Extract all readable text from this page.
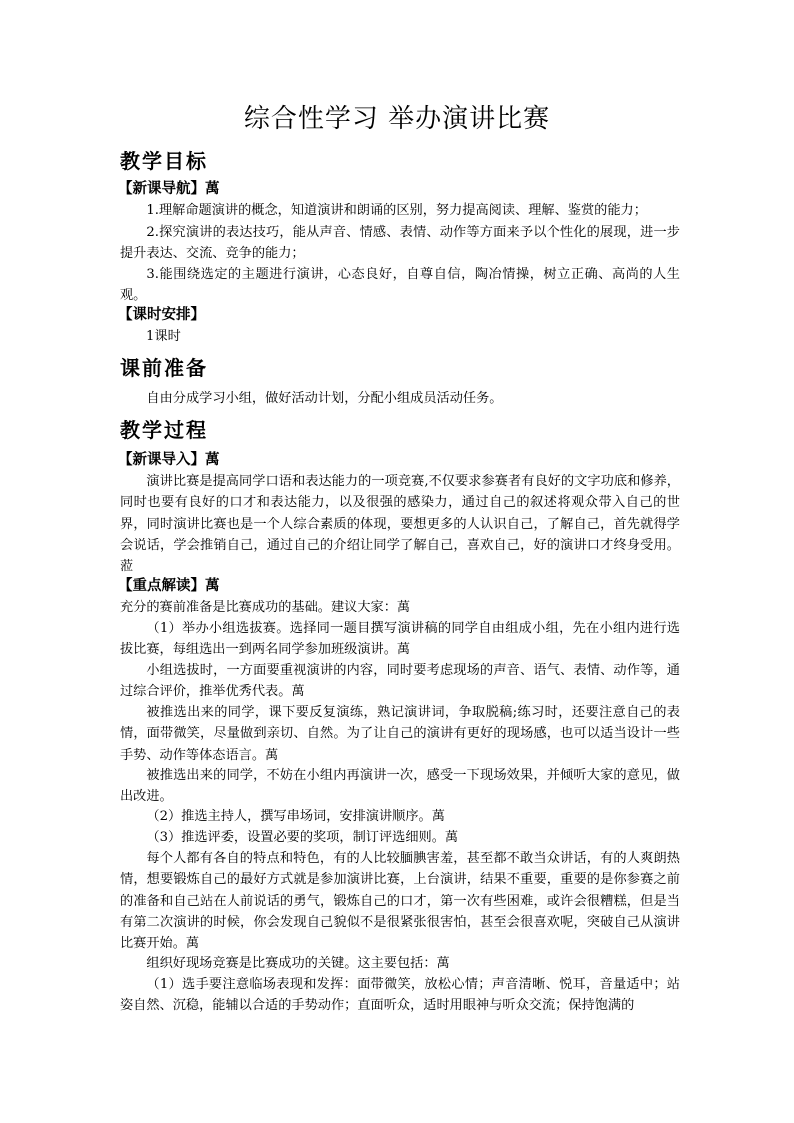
综合性学习 举办演讲比赛
教学目标
【新课导航】萬
1.理解命题演讲的概念，知道演讲和朗诵的区别，努力提高阅读、理解、鉴赏的能力；
2.探究演讲的表达技巧，能从声音、情感、表情、动作等方面来予以个性化的展现，进一步提升表达、交流、竞争的能力；
3.能围绕选定的主题进行演讲，心态良好，自尊自信，陶冶情操，树立正确、高尚的人生观。
【课时安排】
1课时
课前准备
自由分成学习小组，做好活动计划，分配小组成员活动任务。
教学过程
【新课导入】萬
演讲比赛是提高同学口语和表达能力的一项竞赛,不仅要求参赛者有良好的文字功底和修养，同时也要有良好的口才和表达能力，以及很强的感染力，通过自己的叙述将观众带入自己的世界，同时演讲比赛也是一个人综合素质的体现，要想更多的人认识自己，了解自己，首先就得学会说话，学会推销自己，通过自己的介绍让同学了解自己，喜欢自己，好的演讲口才终身受用。蒞
【重点解读】萬
充分的赛前准备是比赛成功的基础。建议大家：萬
（1）举办小组选拔赛。选择同一题目撰写演讲稿的同学自由组成小组，先在小组内进行选拔比赛，每组选出一到两名同学参加班级演讲。萬
小组选拔时，一方面要重视演讲的内容，同时要考虑现场的声音、语气、表情、动作等，通过综合评价，推举优秀代表。萬
被推选出来的同学，课下要反复演练，熟记演讲词，争取脱稿;练习时，还要注意自己的表情，面带微笑，尽量做到亲切、自然。为了让自己的演讲有更好的现场感，也可以适当设计一些手势、动作等体态语言。萬
被推选出来的同学，不妨在小组内再演讲一次，感受一下现场效果，并倾听大家的意见，做出改进。
（2）推选主持人，撰写串场词，安排演讲顺序。萬
（3）推选评委，设置必要的奖项，制订评选细则。萬
每个人都有各自的特点和特色，有的人比较腼腆害羞，甚至都不敢当众讲话，有的人爽朗热情，想要锻炼自己的最好方式就是参加演讲比赛，上台演讲，结果不重要，重要的是你参赛之前的准备和自己站在人前说话的勇气，锻炼自己的口才，第一次有些困难，或许会很糟糕，但是当有第二次演讲的时候，你会发现自己貌似不是很紧张很害怕，甚至会很喜欢呢，突破自己从演讲比赛开始。萬
组织好现场竞赛是比赛成功的关键。这主要包括：萬
（1）选手要注意临场表现和发挥：面带微笑，放松心情；声音清晰、悦耳，音量适中；站姿自然、沉稳，能辅以合适的手势动作；直面听众，适时用眼神与听众交流；保持饱满的
